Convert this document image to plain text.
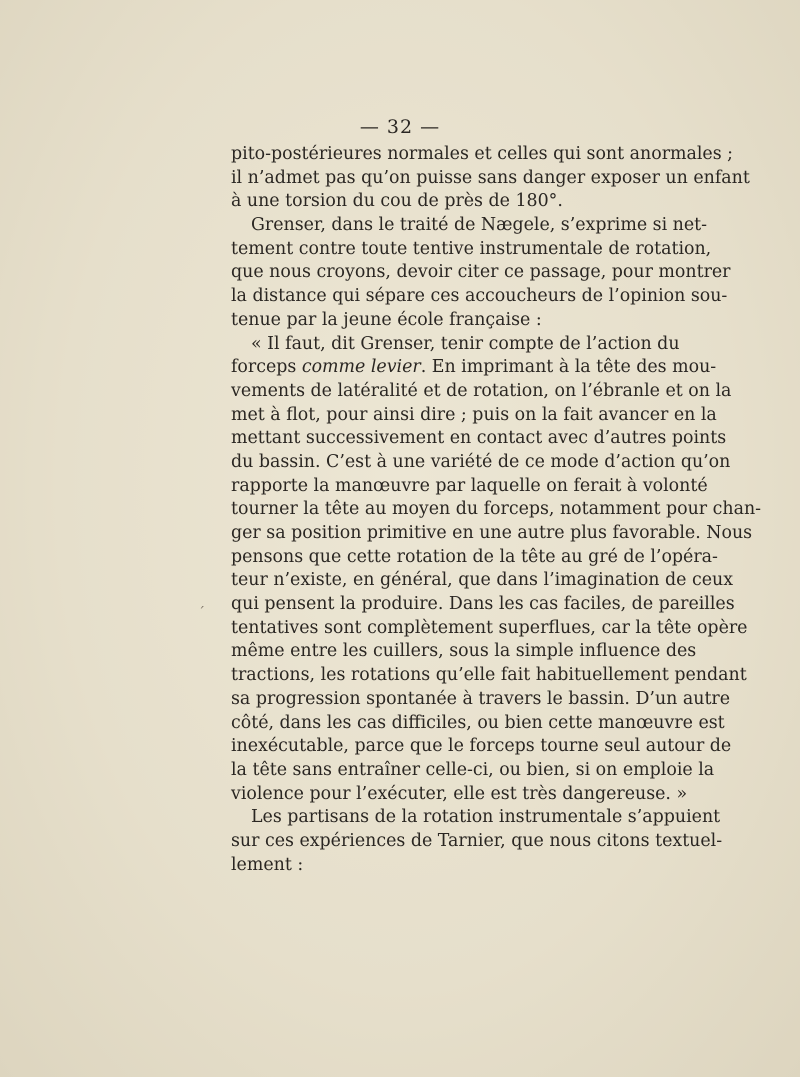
— 32 —
pito-postérieures normales et celles qui sont anormales ;
il n’admet pas qu’on puisse sans danger exposer un enfant
à une torsion du cou de près de 180°.
Grenser, dans le traité de Nægele, s’exprime si net-
tement contre toute tentive instrumentale de rotation,
que nous croyons, devoir citer ce passage, pour montrer
la distance qui sépare ces accoucheurs de l’opinion sou-
tenue par la jeune école française :
« Il faut, dit Grenser, tenir compte de l’action du
forceps comme levier. En imprimant à la tête des mou-
vements de latéralité et de rotation, on l’ébranle et on la
met à flot, pour ainsi dire ; puis on la fait avancer en la
mettant successivement en contact avec d’autres points
du bassin. C’est à une variété de ce mode d’action qu’on
rapporte la manœuvre par laquelle on ferait à volonté
tourner la tête au moyen du forceps, notamment pour chan-
ger sa position primitive en une autre plus favorable. Nous
pensons que cette rotation de la tête au gré de l’opéra-
teur n’existe, en général, que dans l’imagination de ceux
qui pensent la produire. Dans les cas faciles, de pareilles
tentatives sont complètement superflues, car la tête opère
même entre les cuillers, sous la simple influence des
tractions, les rotations qu’elle fait habituellement pendant
sa progression spontanée à travers le bassin. D’un autre
côté, dans les cas difficiles, ou bien cette manœuvre est
inexécutable, parce que le forceps tourne seul autour de
la tête sans entraîner celle-ci, ou bien, si on emploie la
violence pour l’exécuter, elle est très dangereuse. »
Les partisans de la rotation instrumentale s’appuient
sur ces expériences de Tarnier, que nous citons textuel-
lement :
´
